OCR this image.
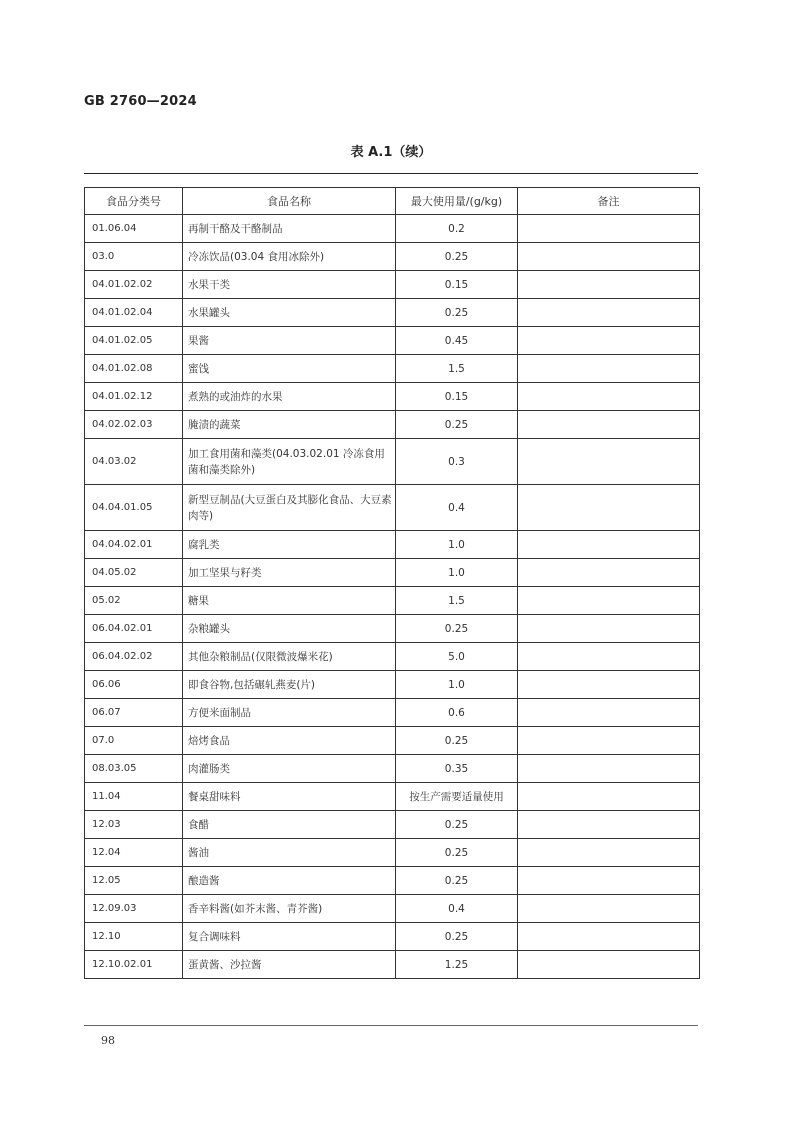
GB 2760—2024
表 A.1（续）
食品分类号	食品名称	最大使用量/(g/kg)	备注
01.06.04	再制干酪及干酪制品	0.2	
03.0	冷冻饮品(03.04 食用冰除外)	0.25	
04.01.02.02	水果干类	0.15	
04.01.02.04	水果罐头	0.25	
04.01.02.05	果酱	0.45	
04.01.02.08	蜜饯	1.5	
04.01.02.12	煮熟的或油炸的水果	0.15	
04.02.02.03	腌渍的蔬菜	0.25	
04.03.02	加工食用菌和藻类(04.03.02.01 冷冻食用菌和藻类除外)	0.3	
04.04.01.05	新型豆制品(大豆蛋白及其膨化食品、大豆素肉等)	0.4	
04.04.02.01	腐乳类	1.0	
04.05.02	加工坚果与籽类	1.0	
05.02	糖果	1.5	
06.04.02.01	杂粮罐头	0.25	
06.04.02.02	其他杂粮制品(仅限微波爆米花)	5.0	
06.06	即食谷物,包括碾轧燕麦(片)	1.0	
06.07	方便米面制品	0.6	
07.0	焙烤食品	0.25	
08.03.05	肉灌肠类	0.35	
11.04	餐桌甜味料	按生产需要适量使用	
12.03	食醋	0.25	
12.04	酱油	0.25	
12.05	酿造酱	0.25	
12.09.03	香辛料酱(如芥末酱、青芥酱)	0.4	
12.10	复合调味料	0.25	
12.10.02.01	蛋黄酱、沙拉酱	1.25	
98
